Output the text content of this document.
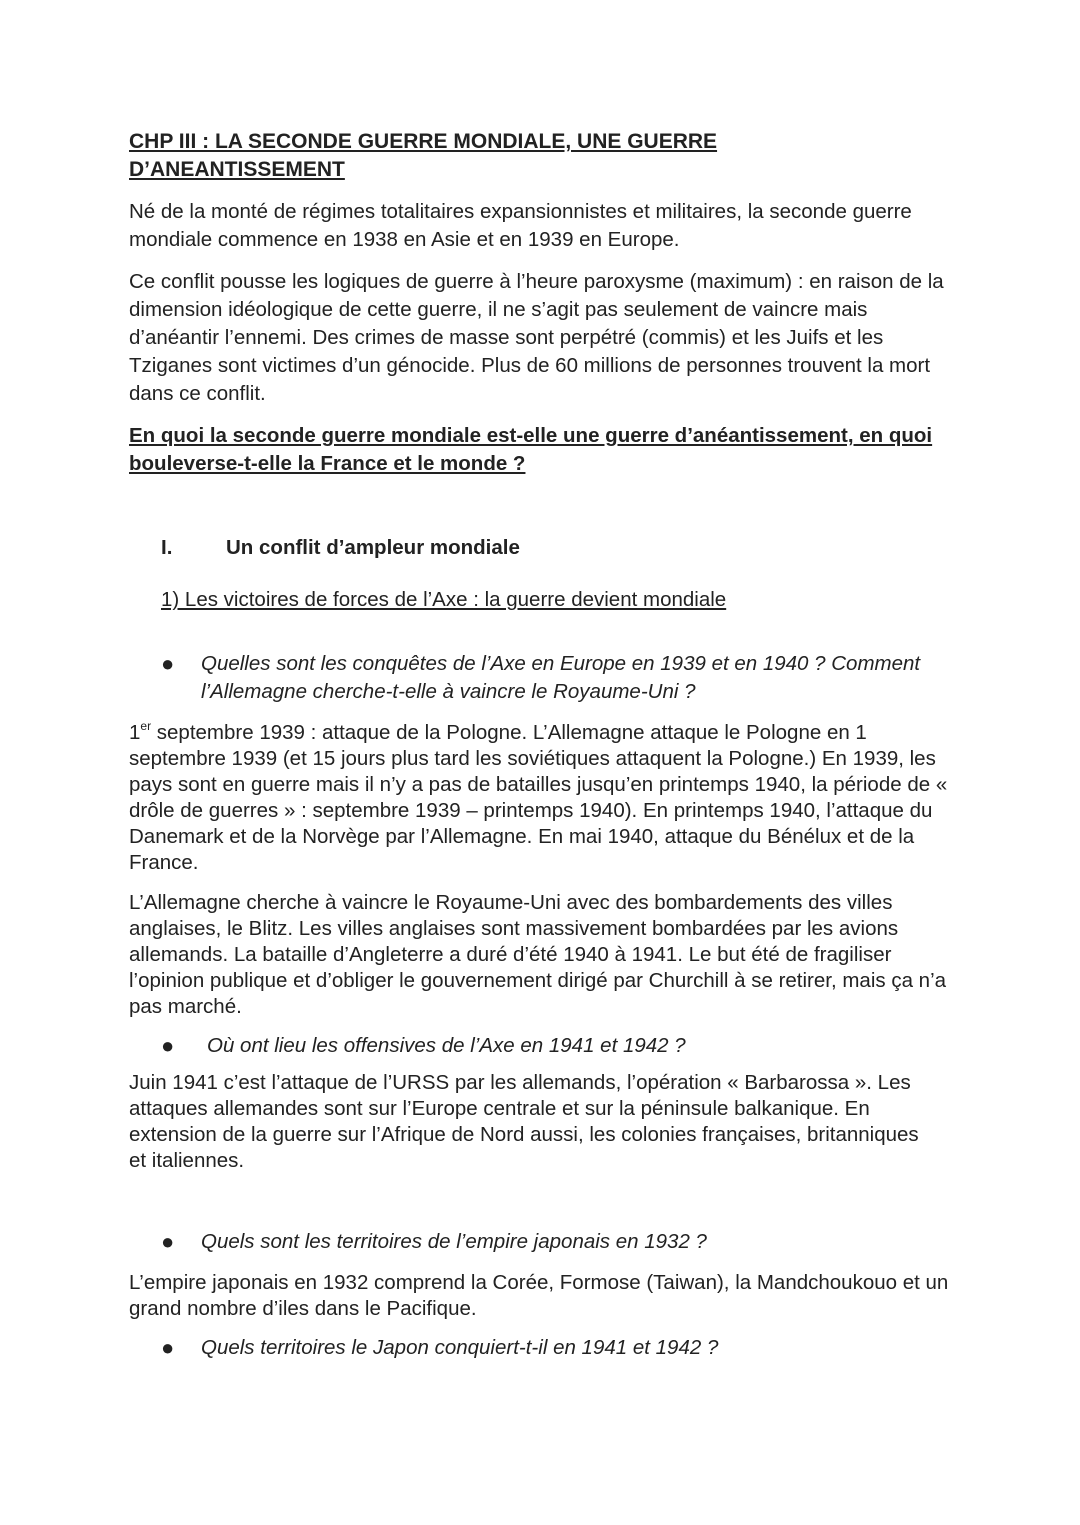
CHP III : LA SECONDE GUERRE MONDIALE, UNE GUERRE D’ANEANTISSEMENT

Né de la monté de régimes totalitaires expansionnistes et militaires, la seconde guerre mondiale commence en 1938 en Asie et en 1939 en Europe.

Ce conflit pousse les logiques de guerre à l’heure paroxysme (maximum) : en raison de la dimension idéologique de cette guerre, il ne s’agit pas seulement de vaincre mais d’anéantir l’ennemi. Des crimes de masse sont perpétré (commis) et les Juifs et les Tziganes sont victimes d’un génocide. Plus de 60 millions de personnes trouvent la mort dans ce conflit.

En quoi la seconde guerre mondiale est-elle une guerre d’anéantissement, en quoi bouleverse-t-elle la France et le monde ?

I.	Un conflit d’ampleur mondiale

1) Les victoires de forces de l’Axe : la guerre devient mondiale

●	Quelles sont les conquêtes de l’Axe en Europe en 1939 et en 1940 ? Comment l’Allemagne cherche-t-elle à vaincre le Royaume-Uni ?

1er septembre 1939 : attaque de la Pologne. L’Allemagne attaque le Pologne en 1 septembre 1939 (et 15 jours plus tard les soviétiques attaquent la Pologne.) En 1939, les pays sont en guerre mais il n’y a pas de batailles jusqu’en printemps 1940, la période de « drôle de guerres » : septembre 1939 – printemps 1940). En printemps 1940, l’attaque du Danemark et de la Norvège par l’Allemagne. En mai 1940, attaque du Bénélux et de la France.

L’Allemagne cherche à vaincre le Royaume-Uni avec des bombardements des villes anglaises, le Blitz. Les villes anglaises sont massivement bombardées par les avions allemands. La bataille d’Angleterre a duré d’été 1940 à 1941. Le but été de fragiliser l’opinion publique et d’obliger le gouvernement dirigé par Churchill à se retirer, mais ça n’a pas marché.

●	Où ont lieu les offensives de l’Axe en 1941 et 1942 ?

Juin 1941 c’est l’attaque de l’URSS par les allemands, l’opération « Barbarossa ». Les attaques allemandes sont sur l’Europe centrale et sur la péninsule balkanique. En extension de la guerre sur l’Afrique de Nord aussi, les colonies françaises, britanniques et italiennes.

●	Quels sont les territoires de l’empire japonais en 1932 ?

L’empire japonais en 1932 comprend la Corée, Formose (Taiwan), la Mandchoukouo et un grand nombre d’iles dans le Pacifique.

●	Quels territoires le Japon conquiert-t-il en 1941 et 1942 ?
